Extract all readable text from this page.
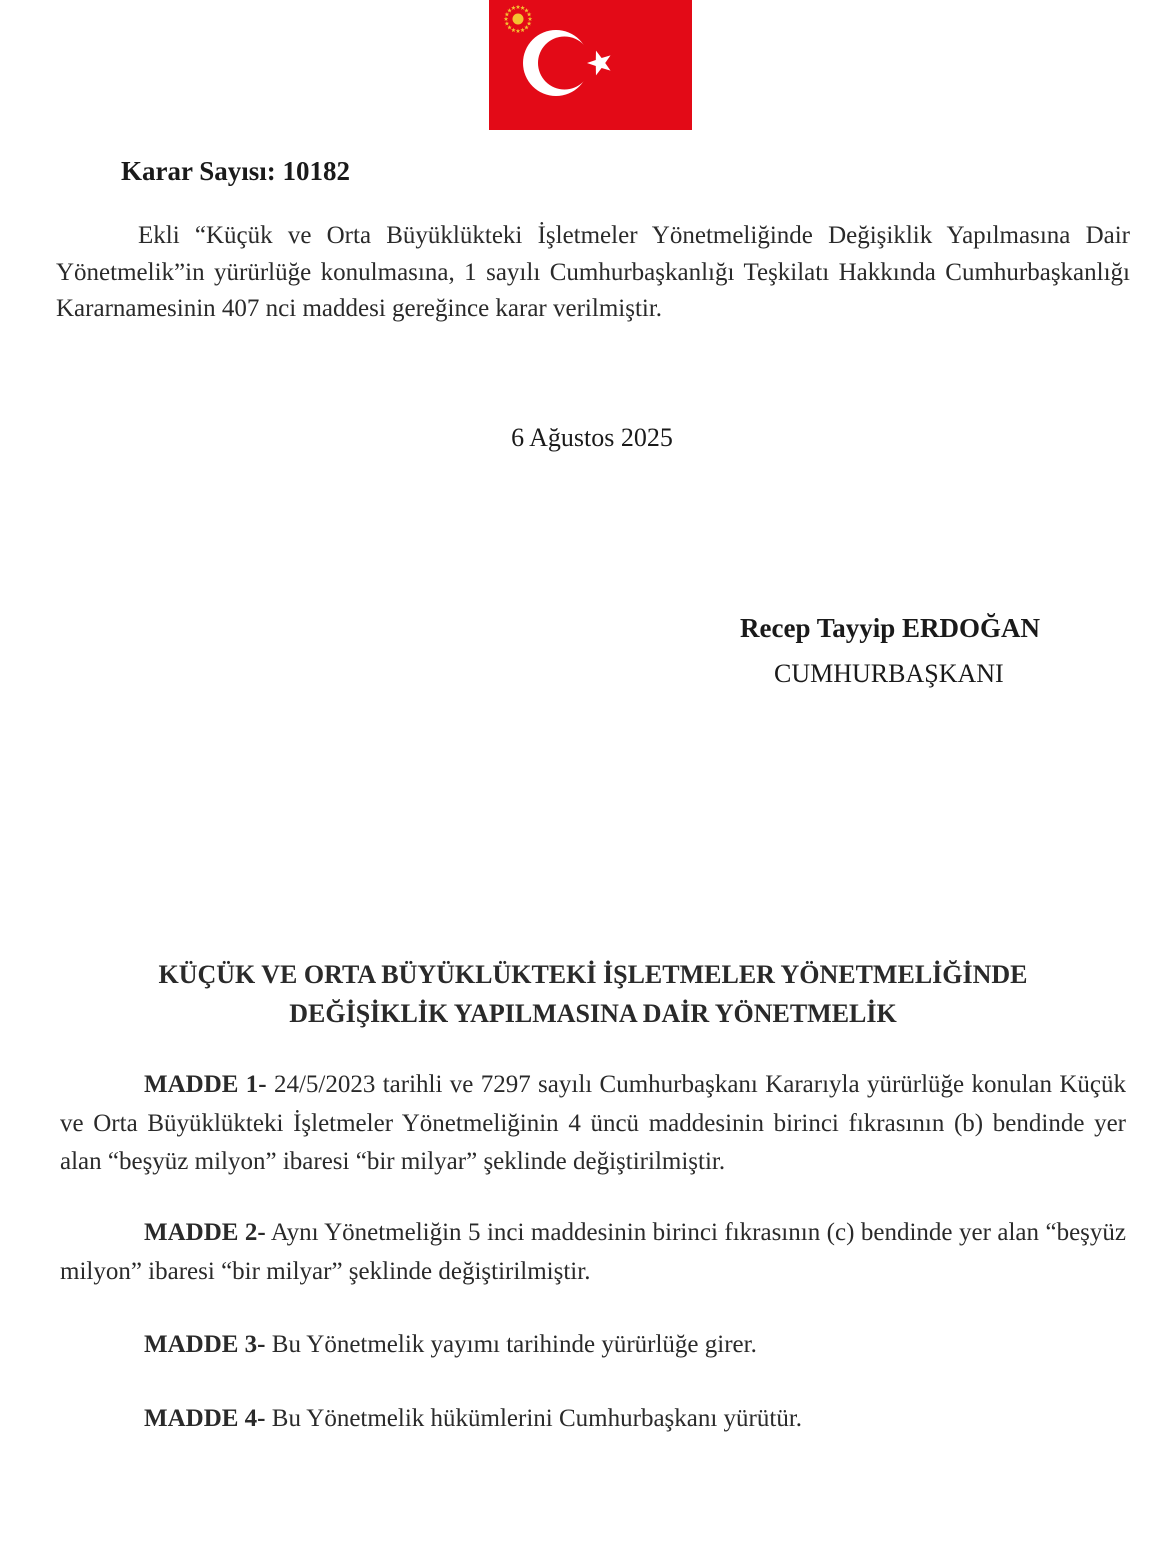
Karar Sayısı: 10182

Ekli “Küçük ve Orta Büyüklükteki İşletmeler Yönetmeliğinde Değişiklik Yapılmasına Dair Yönetmelik”in yürürlüğe konulmasına, 1 sayılı Cumhurbaşkanlığı Teşkilatı Hakkında Cumhurbaşkanlığı Kararnamesinin 407 nci maddesi gereğince karar verilmiştir.

6 Ağustos 2025
Recep Tayyip ERDOĞAN
CUMHURBAŞKANI
KÜÇÜK VE ORTA BÜYÜKLÜKTEKİ İŞLETMELER YÖNETMELİĞİNDE
DEĞİŞİKLİK YAPILMASINA DAİR YÖNETMELİK

MADDE 1- 24/5/2023 tarihli ve 7297 sayılı Cumhurbaşkanı Kararıyla yürürlüğe konulan Küçük ve Orta Büyüklükteki İşletmeler Yönetmeliğinin 4 üncü maddesinin birinci fıkrasının (b) bendinde yer alan “beşyüz milyon” ibaresi “bir milyar” şeklinde değiştirilmiştir.

MADDE 2- Aynı Yönetmeliğin 5 inci maddesinin birinci fıkrasının (c) bendinde yer alan “beşyüz milyon” ibaresi “bir milyar” şeklinde değiştirilmiştir.

MADDE 3- Bu Yönetmelik yayımı tarihinde yürürlüğe girer.

MADDE 4- Bu Yönetmelik hükümlerini Cumhurbaşkanı yürütür.
